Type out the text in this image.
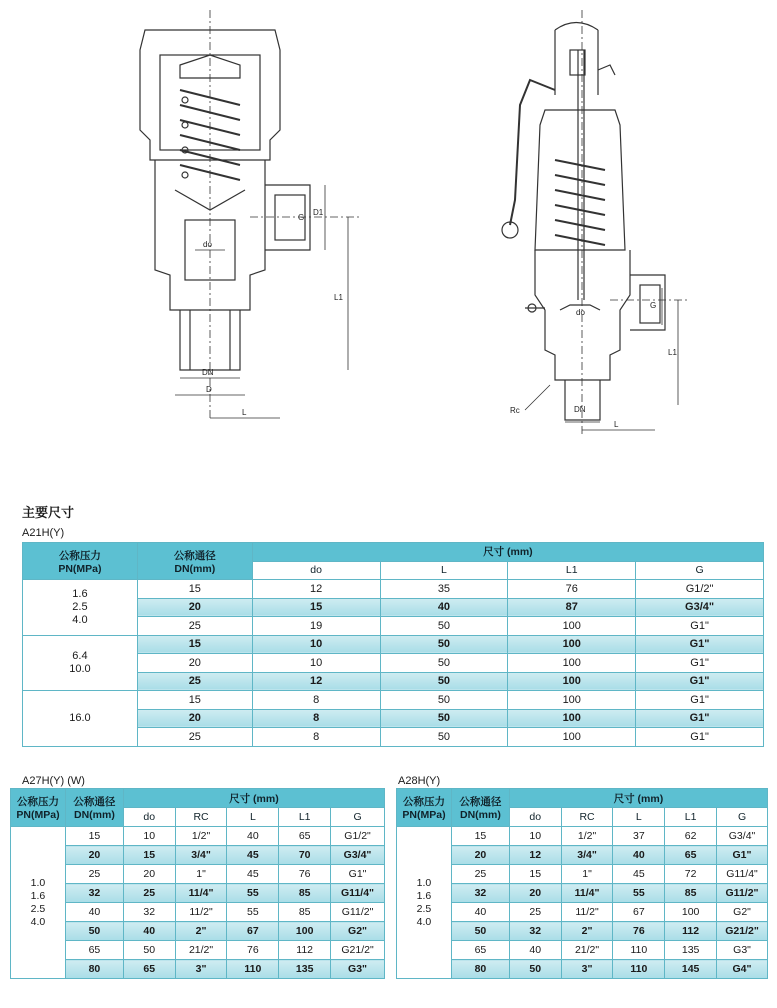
do
DN
D
L
L1
G
D1
Rc
do
DN
L
L1
G
主要尺寸
A21H(Y)
公称压力
PN(MPa)	公称通径
DN(mm)	尺寸 (mm)			
		do	L	L1	G

1.6
2.5
4.0	15	12	35	76	G1/2"
	20	15	40	87	G3/4"
	25	19	50	100	G1"

6.4
10.0	15	10	50	100	G1"
	20	10	50	100	G1"
	25	12	50	100	G1"

16.0	15	8	50	100	G1"
	20	8	50	100	G1"
	25	8	50	100	G1"
A27H(Y) (W)	A28H(Y)
公称压力
PN(MPa)	公称通径
DN(mm)	尺寸 (mm)				
		do	RC	L	L1	G

1.0
1.6
2.5
4.0	15	10	1/2"	40	65	G1/2"
	20	15	3/4"	45	70	G3/4"
	25	20	1"	45	76	G1"
	32	25	11/4"	55	85	G11/4"
	40	32	11/2"	55	85	G11/2"
	50	40	2"	67	100	G2"
	65	50	21/2"	76	112	G21/2"
	80	65	3"	110	135	G3"
公称压力
PN(MPa)	公称通径
DN(mm)	尺寸 (mm)				
		do	RC	L	L1	G

1.0
1.6
2.5
4.0	15	10	1/2"	37	62	G3/4"
	20	12	3/4"	40	65	G1"
	25	15	1"	45	72	G11/4"
	32	20	11/4"	55	85	G11/2"
	40	25	11/2"	67	100	G2"
	50	32	2"	76	112	G21/2"
	65	40	21/2"	110	135	G3"
	80	50	3"	110	145	G4"
